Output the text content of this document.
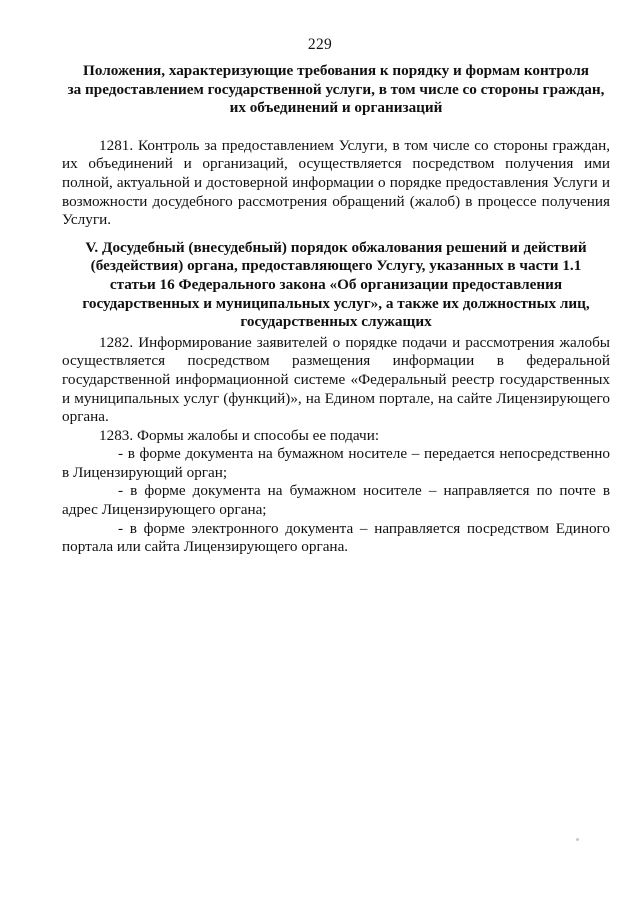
229

Положения, характеризующие требования к порядку и формам контроля
за предоставлением государственной услуги, в том числе со стороны граждан,
их объединений и организаций

1281. Контроль за предоставлением Услуги, в том числе со стороны граждан, их объединений и организаций, осуществляется посредством получения ими полной, актуальной и достоверной информации о порядке предоставления Услуги и возможности досудебного рассмотрения обращений (жалоб) в процессе получения Услуги.

V. Досудебный (внесудебный) порядок обжалования решений и действий
(бездействия) органа, предоставляющего Услугу, указанных в части 1.1
статьи 16 Федерального закона «Об организации предоставления
государственных и муниципальных услуг», а также их должностных лиц,
государственных служащих

1282. Информирование заявителей о порядке подачи и рассмотрения жалобы осуществляется посредством размещения информации в федеральной государственной информационной системе «Федеральный реестр государственных и муниципальных услуг (функций)», на Едином портале, на сайте Лицензирующего органа.

1283. Формы жалобы и способы ее подачи:

- в форме документа на бумажном носителе – передается непосредственно в Лицензирующий орган;

- в форме документа на бумажном носителе – направляется по почте в адрес Лицензирующего органа;

- в форме электронного документа – направляется посредством Единого портала или сайта Лицензирующего органа.
